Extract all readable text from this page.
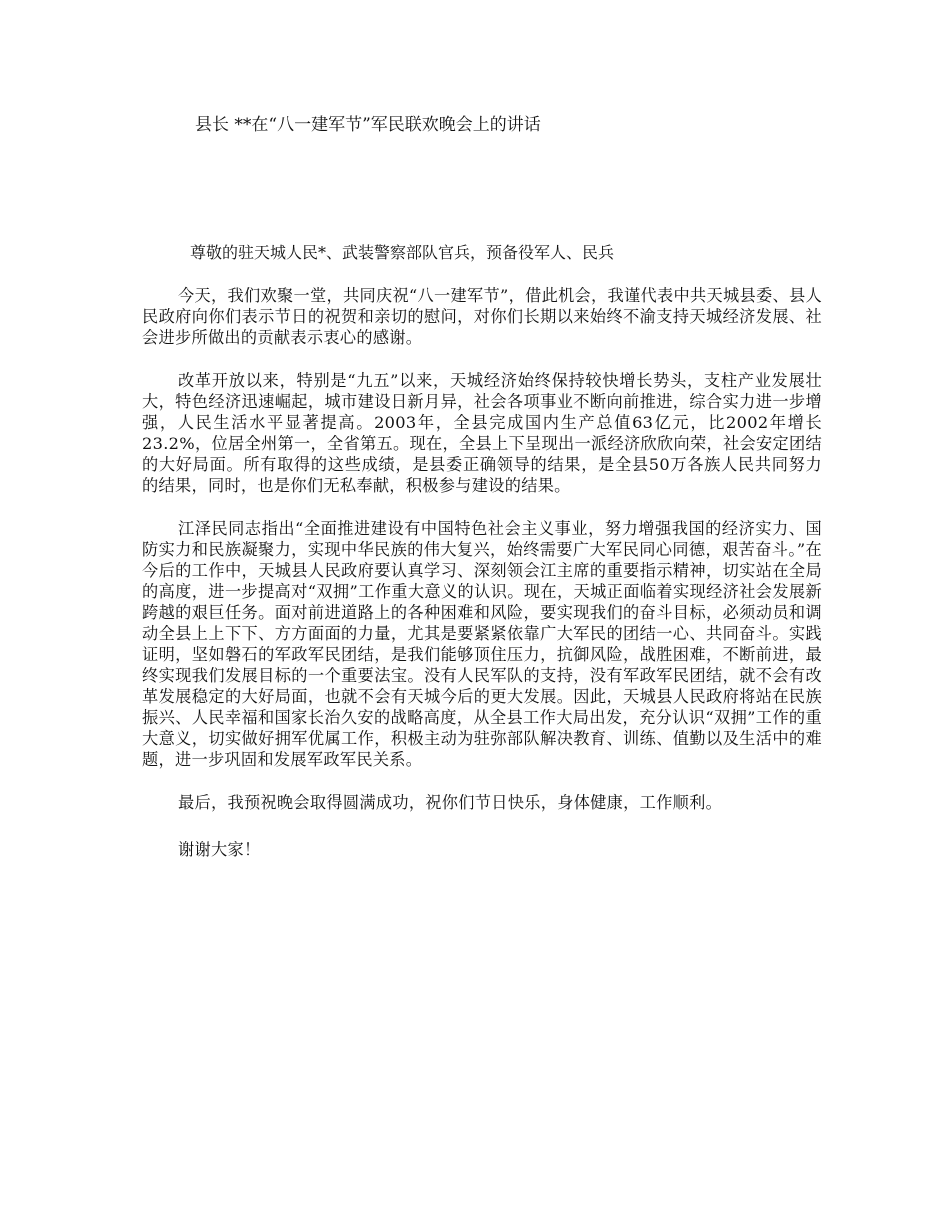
县长 **在“八一建军节”军民联欢晚会上的讲话
尊敬的驻天城人民*、武装警察部队官兵，预备役军人、民兵

今天，我们欢聚一堂，共同庆祝“八一建军节”，借此机会，我谨代表中共天城县委、县人民政府向你们表示节日的祝贺和亲切的慰问，对你们长期以来始终不渝支持天城经济发展、社会进步所做出的贡献表示衷心的感谢。

改革开放以来，特别是“九五”以来，天城经济始终保持较快增长势头，支柱产业发展壮大，特色经济迅速崛起，城市建设日新月异，社会各项事业不断向前推进，综合实力进一步增强，人民生活水平显著提高。2003年，全县完成国内生产总值63亿元，比2002年增长23.2%，位居全州第一，全省第五。现在，全县上下呈现出一派经济欣欣向荣，社会安定团结的大好局面。所有取得的这些成绩，是县委正确领导的结果，是全县50万各族人民共同努力的结果，同时，也是你们无私奉献，积极参与建设的结果。

江泽民同志指出“全面推进建设有中国特色社会主义事业，努力增强我国的经济实力、国防实力和民族凝聚力，实现中华民族的伟大复兴，始终需要广大军民同心同德，艰苦奋斗。”在今后的工作中，天城县人民政府要认真学习、深刻领会江主席的重要指示精神，切实站在全局的高度，进一步提高对“双拥”工作重大意义的认识。现在，天城正面临着实现经济社会发展新跨越的艰巨任务。面对前进道路上的各种困难和风险，要实现我们的奋斗目标，必须动员和调动全县上上下下、方方面面的力量，尤其是要紧紧依靠广大军民的团结一心、共同奋斗。实践证明，坚如磐石的军政军民团结，是我们能够顶住压力，抗御风险，战胜困难，不断前进，最终实现我们发展目标的一个重要法宝。没有人民军队的支持，没有军政军民团结，就不会有改革发展稳定的大好局面，也就不会有天城今后的更大发展。因此，天城县人民政府将站在民族振兴、人民幸福和国家长治久安的战略高度，从全县工作大局出发，充分认识“双拥”工作的重大意义，切实做好拥军优属工作，积极主动为驻弥部队解决教育、训练、值勤以及生活中的难题，进一步巩固和发展军政军民关系。

最后，我预祝晚会取得圆满成功，祝你们节日快乐，身体健康，工作顺利。

谢谢大家！
